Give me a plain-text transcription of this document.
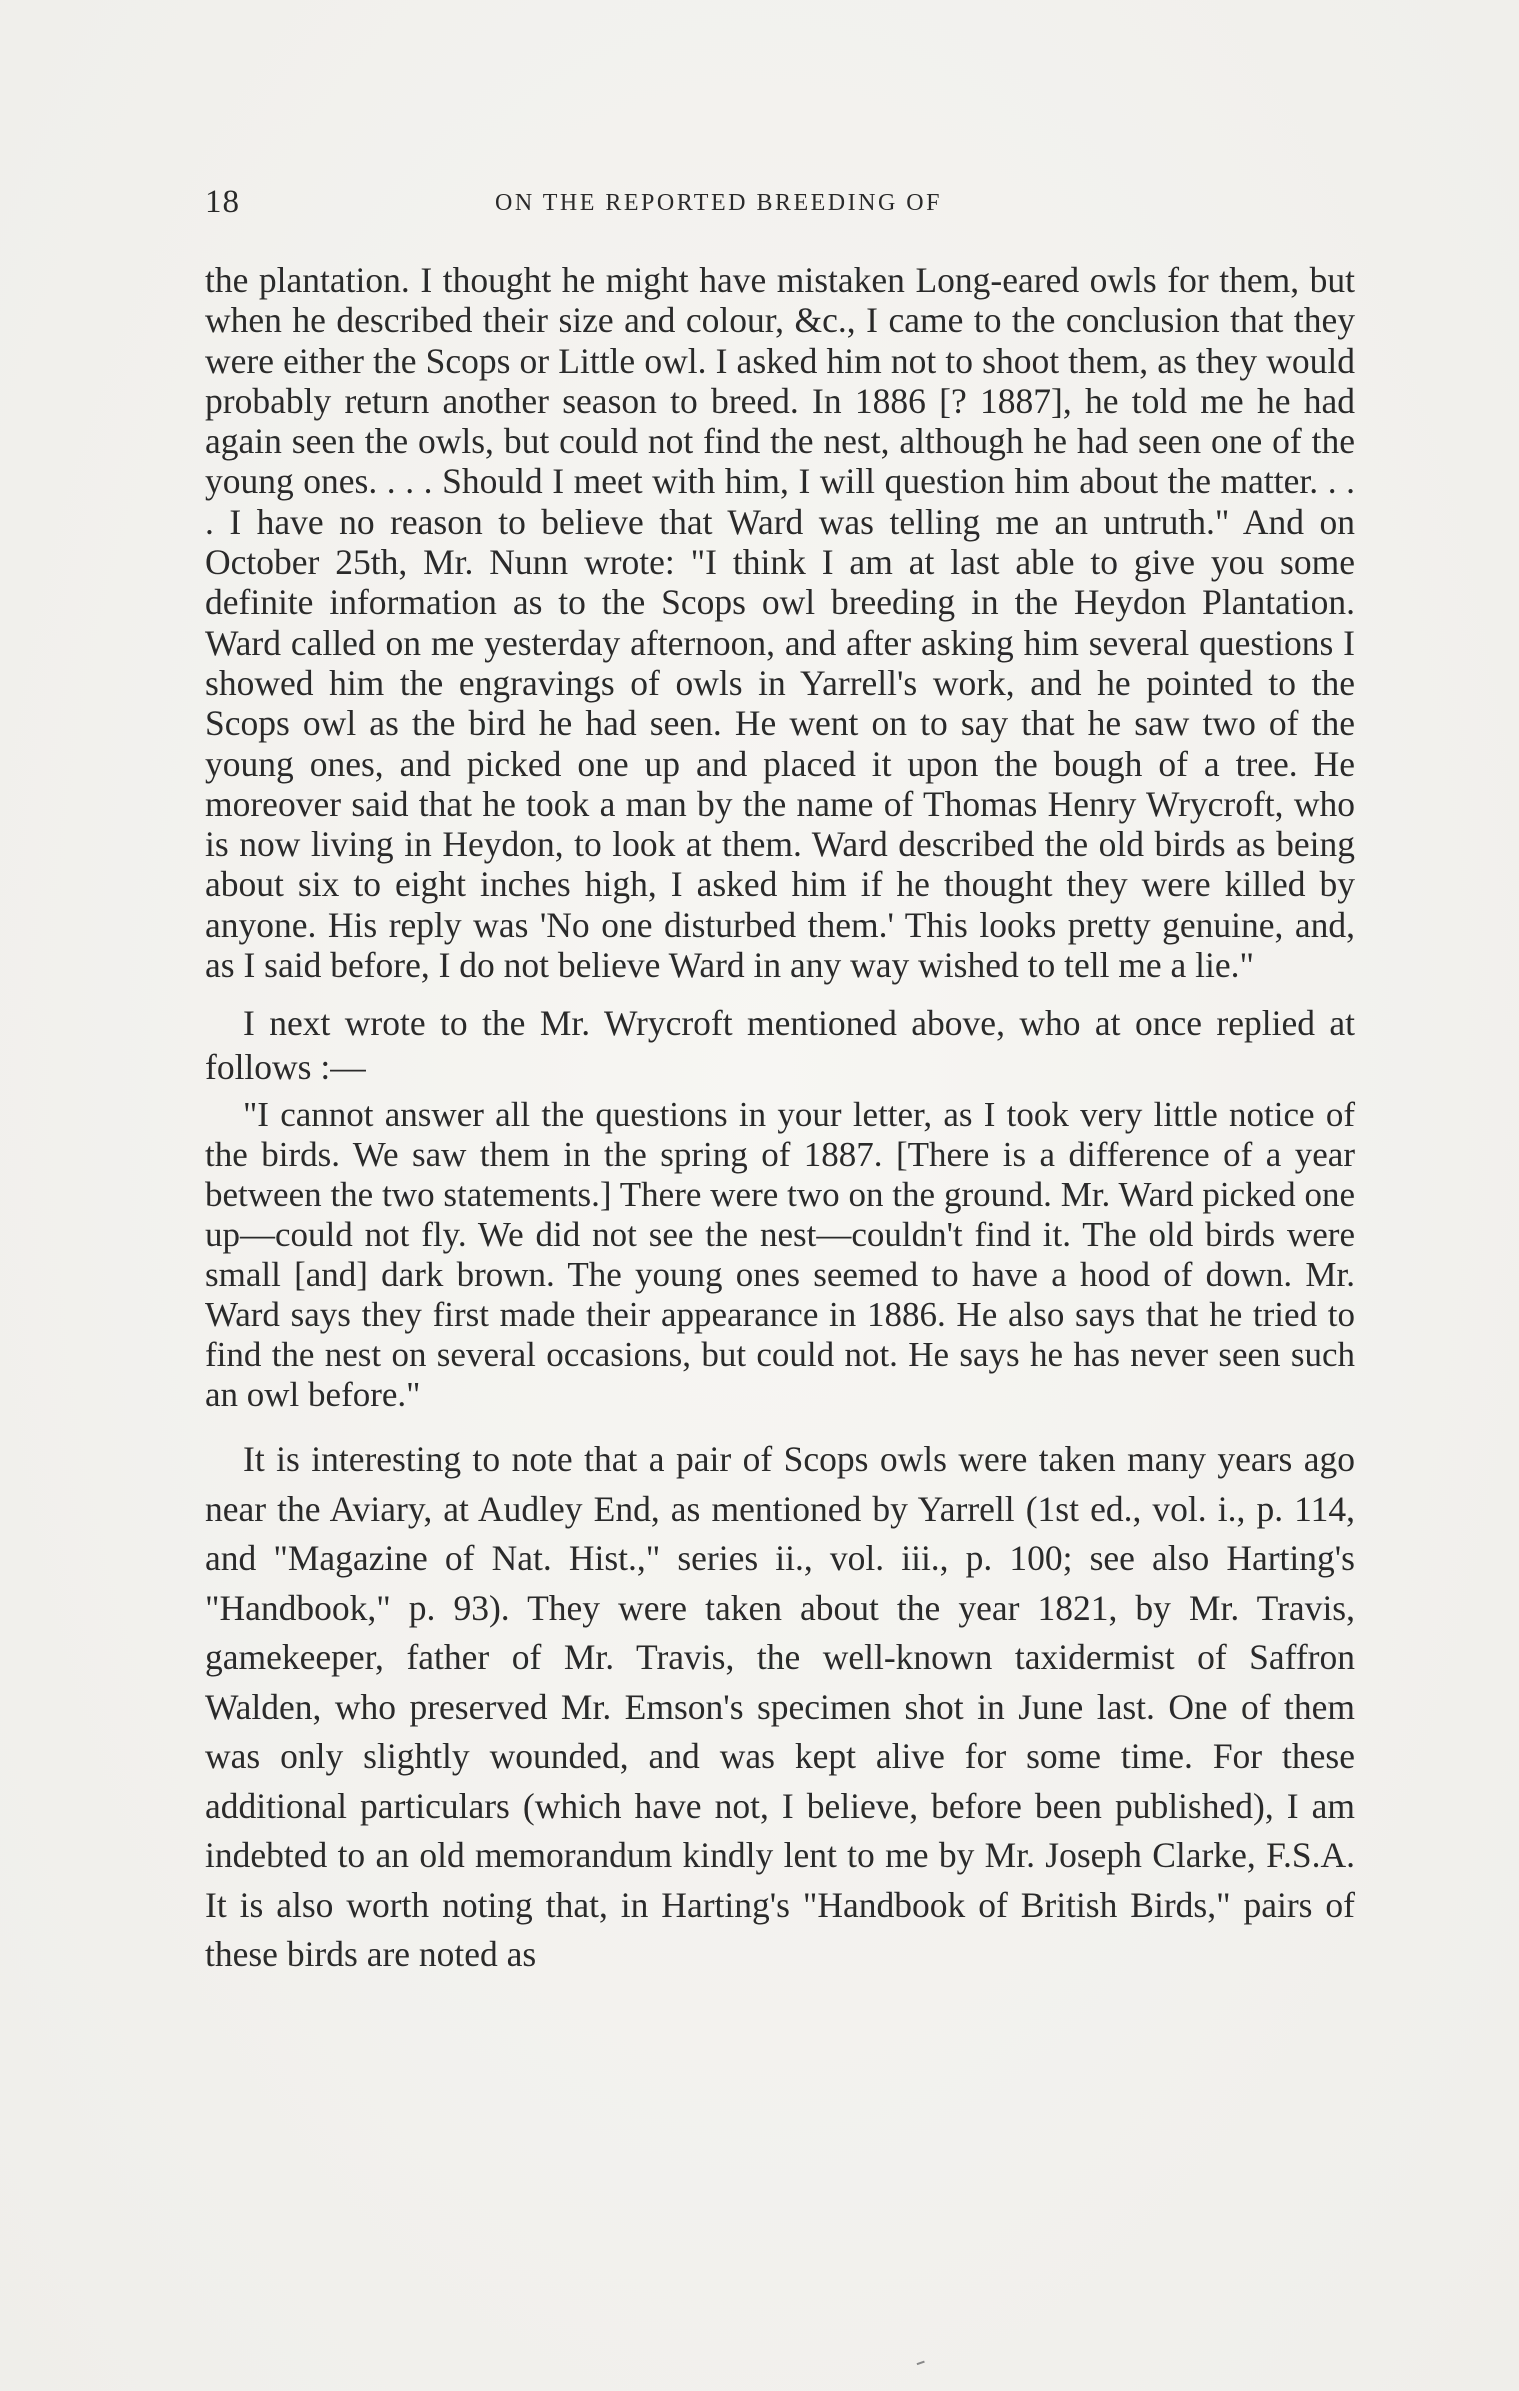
18	ON THE REPORTED BREEDING OF

the plantation. I thought he might have mistaken Long-eared owls for them, but when he described their size and colour, &c., I came to the conclusion that they were either the Scops or Little owl. I asked him not to shoot them, as they would probably return another season to breed. In 1886 [? 1887], he told me he had again seen the owls, but could not find the nest, although he had seen one of the young ones. . . . Should I meet with him, I will question him about the matter. . . . I have no reason to believe that Ward was telling me an untruth." And on October 25th, Mr. Nunn wrote: "I think I am at last able to give you some definite information as to the Scops owl breeding in the Heydon Plantation. Ward called on me yesterday afternoon, and after asking him several questions I showed him the engravings of owls in Yarrell's work, and he pointed to the Scops owl as the bird he had seen. He went on to say that he saw two of the young ones, and picked one up and placed it upon the bough of a tree. He moreover said that he took a man by the name of Thomas Henry Wrycroft, who is now living in Heydon, to look at them. Ward described the old birds as being about six to eight inches high, I asked him if he thought they were killed by anyone. His reply was 'No one disturbed them.' This looks pretty genuine, and, as I said before, I do not believe Ward in any way wished to tell me a lie."

I next wrote to the Mr. Wrycroft mentioned above, who at once replied at follows :—

"I cannot answer all the questions in your letter, as I took very little notice of the birds. We saw them in the spring of 1887. [There is a difference of a year between the two statements.] There were two on the ground. Mr. Ward picked one up—could not fly. We did not see the nest—couldn't find it. The old birds were small [and] dark brown. The young ones seemed to have a hood of down. Mr. Ward says they first made their appearance in 1886. He also says that he tried to find the nest on several occasions, but could not. He says he has never seen such an owl before."

It is interesting to note that a pair of Scops owls were taken many years ago near the Aviary, at Audley End, as mentioned by Yarrell (1st ed., vol. i., p. 114, and "Magazine of Nat. Hist.," series ii., vol. iii., p. 100; see also Harting's "Handbook," p. 93). They were taken about the year 1821, by Mr. Travis, gamekeeper, father of Mr. Travis, the well-known taxidermist of Saffron Walden, who preserved Mr. Emson's specimen shot in June last. One of them was only slightly wounded, and was kept alive for some time. For these additional particulars (which have not, I believe, before been published), I am indebted to an old memorandum kindly lent to me by Mr. Joseph Clarke, F.S.A. It is also worth noting that, in Harting's "Handbook of British Birds," pairs of these birds are noted as
